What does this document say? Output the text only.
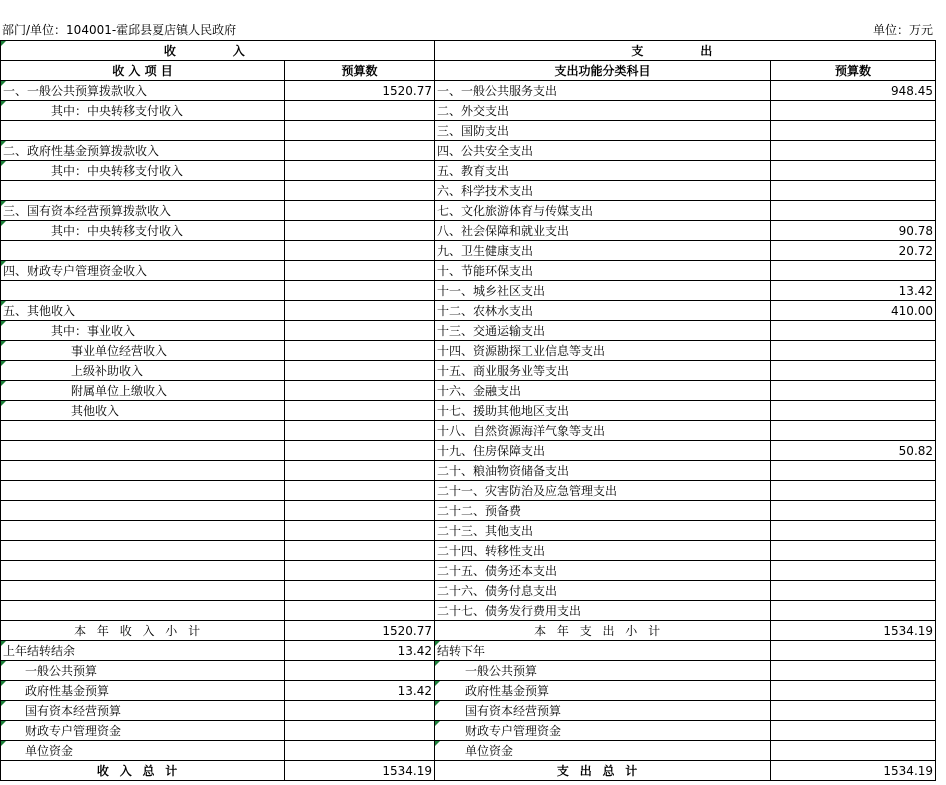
部门/单位：104001-霍邱县夏店镇人民政府	单位：万元
收 入		支 出	
收 入 项 目	预算数	支出功能分类科目	预算数
一、一般公共预算拨款收入	1520.77	一、一般公共服务支出	948.45
其中：中央转移支付收入		二、外交支出	
		三、国防支出	
二、政府性基金预算拨款收入		四、公共安全支出	
其中：中央转移支付收入		五、教育支出	
		六、科学技术支出	
三、国有资本经营预算拨款收入		七、文化旅游体育与传媒支出	
其中：中央转移支付收入		八、社会保障和就业支出	90.78
		九、卫生健康支出	20.72
四、财政专户管理资金收入		十、节能环保支出	
		十一、城乡社区支出	13.42
五、其他收入		十二、农林水支出	410.00
其中：事业收入		十三、交通运输支出	
事业单位经营收入		十四、资源勘探工业信息等支出	
上级补助收入		十五、商业服务业等支出	
附属单位上缴收入		十六、金融支出	
其他收入		十七、援助其他地区支出	
		十八、自然资源海洋气象等支出	
		十九、住房保障支出	50.82
		二十、粮油物资储备支出	
		二十一、灾害防治及应急管理支出	
		二十二、预备费	
		二十三、其他支出	
		二十四、转移性支出	
		二十五、债务还本支出	
		二十六、债务付息支出	
		二十七、债务发行费用支出	
本年收入小计	1520.77	本年支出小计	1534.19
上年结转结余	13.42	结转下年	
一般公共预算		一般公共预算	
政府性基金预算	13.42	政府性基金预算	
国有资本经营预算		国有资本经营预算	
财政专户管理资金		财政专户管理资金	
单位资金		单位资金	
收入总计	1534.19	支出总计	1534.19
